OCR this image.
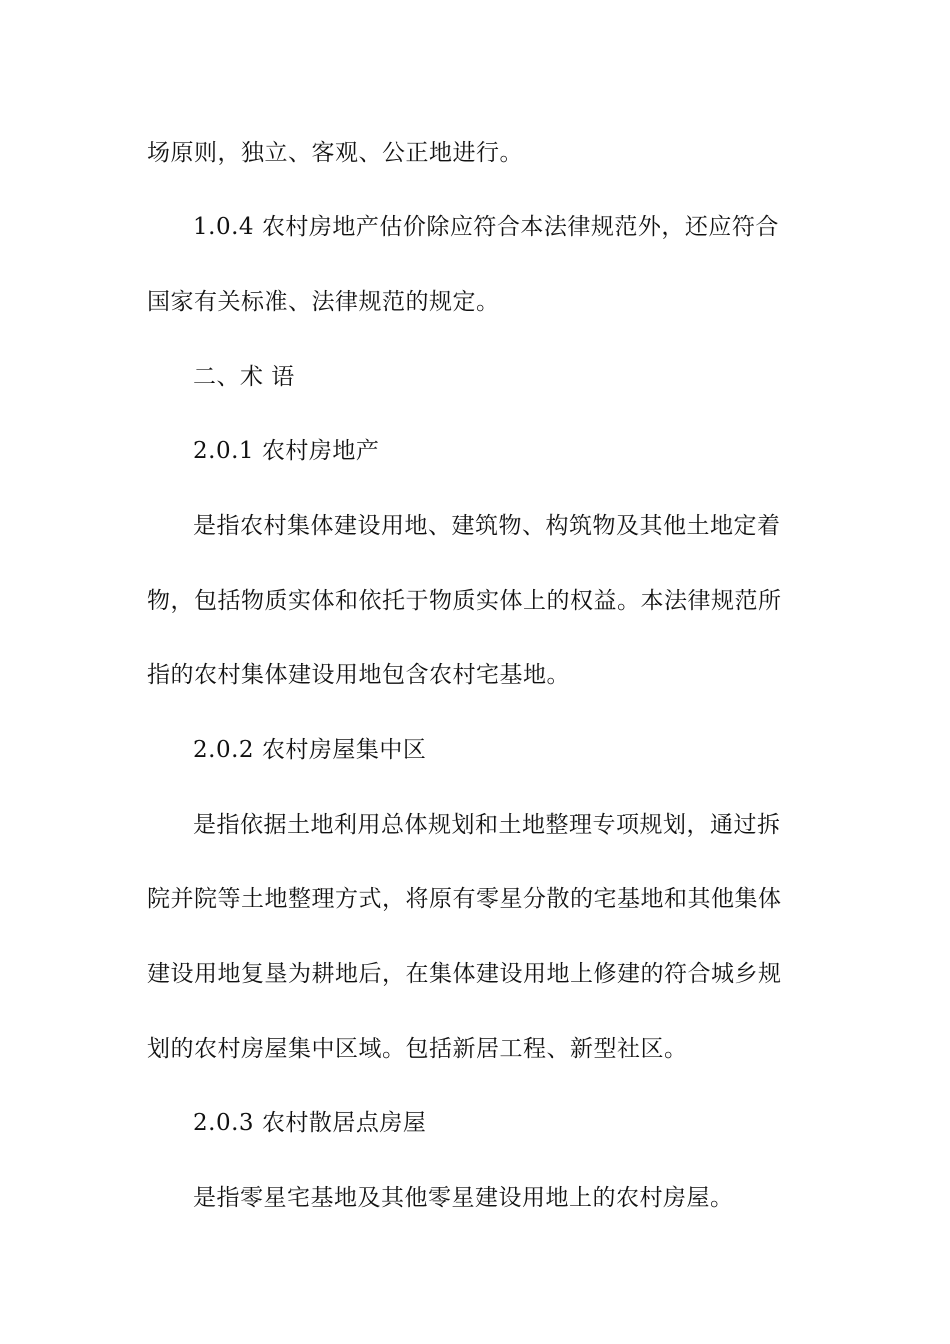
场原则，独立、客观、公正地进行。
1.0.4 农村房地产估价除应符合本法律规范外，还应符合
国家有关标准、法律规范的规定。
二、术 语
2.0.1 农村房地产
是指农村集体建设用地、建筑物、构筑物及其他土地定着
物，包括物质实体和依托于物质实体上的权益。本法律规范所
指的农村集体建设用地包含农村宅基地。
2.0.2 农村房屋集中区
是指依据土地利用总体规划和土地整理专项规划，通过拆
院并院等土地整理方式，将原有零星分散的宅基地和其他集体
建设用地复垦为耕地后，在集体建设用地上修建的符合城乡规
划的农村房屋集中区域。包括新居工程、新型社区。
2.0.3 农村散居点房屋
是指零星宅基地及其他零星建设用地上的农村房屋。
